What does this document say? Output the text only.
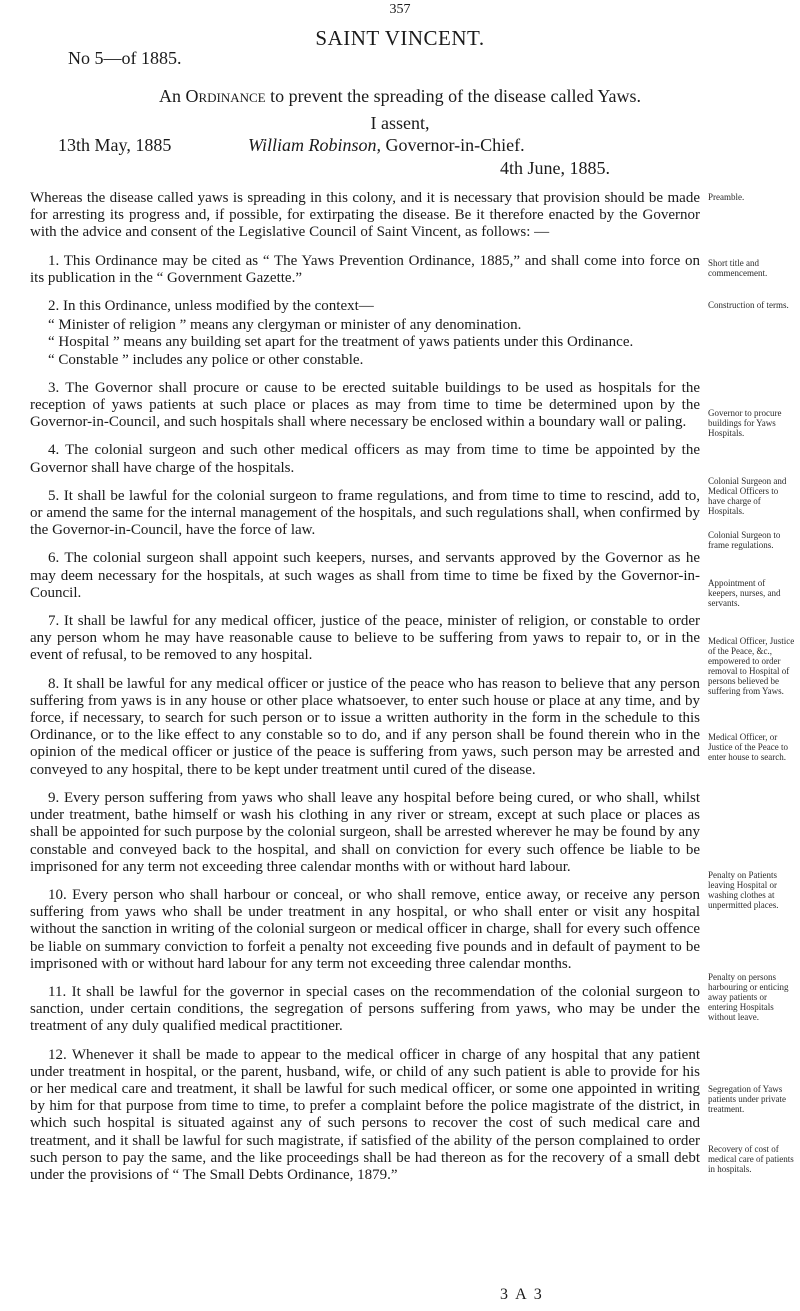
357
SAINT VINCENT.
No 5—of 1885.
An Ordinance to prevent the spreading of the disease called Yaws.
I assent,
13th May, 1885	William Robinson, Governor-in-Chief.
4th June, 1885.

Whereas the disease called yaws is spreading in this colony, and it is necessary that provision should be made for arresting its progress and, if possible, for extirpating the disease. Be it therefore enacted by the Governor with the advice and consent of the Legislative Council of Saint Vincent, as follows: —

1. This Ordinance may be cited as “ The Yaws Prevention Ordinance, 1885,” and shall come into force on its publication in the “ Government Gazette.”

2. In this Ordinance, unless modified by the context—

“ Minister of religion ” means any clergyman or minister of any denomination.

“ Hospital ” means any building set apart for the treatment of yaws patients under this Ordinance.

“ Constable ” includes any police or other constable.

3. The Governor shall procure or cause to be erected suitable buildings to be used as hospitals for the reception of yaws patients at such place or places as may from time to time be determined upon by the Governor-in-Council, and such hospitals shall where necessary be enclosed within a boundary wall or paling.

4. The colonial surgeon and such other medical officers as may from time to time be appointed by the Governor shall have charge of the hospitals.

5. It shall be lawful for the colonial surgeon to frame regulations, and from time to time to rescind, add to, or amend the same for the internal management of the hospitals, and such regulations shall, when confirmed by the Governor-in-Council, have the force of law.

6. The colonial surgeon shall appoint such keepers, nurses, and servants approved by the Governor as he may deem necessary for the hospitals, at such wages as shall from time to time be fixed by the Governor-in-Council.

7. It shall be lawful for any medical officer, justice of the peace, minister of religion, or constable to order any person whom he may have reasonable cause to believe to be suffering from yaws to repair to, or in the event of refusal, to be removed to any hospital.

8. It shall be lawful for any medical officer or justice of the peace who has reason to believe that any person suffering from yaws is in any house or other place whatsoever, to enter such house or place at any time, and by force, if necessary, to search for such person or to issue a written authority in the form in the schedule to this Ordinance, or to the like effect to any constable so to do, and if any person shall be found therein who in the opinion of the medical officer or justice of the peace is suffering from yaws, such person may be arrested and conveyed to any hospital, there to be kept under treatment until cured of the disease.

9. Every person suffering from yaws who shall leave any hospital before being cured, or who shall, whilst under treatment, bathe himself or wash his clothing in any river or stream, except at such place or places as shall be appointed for such purpose by the colonial surgeon, shall be arrested wherever he may be found by any constable and conveyed back to the hospital, and shall on conviction for every such offence be liable to be imprisoned for any term not exceeding three calendar months with or without hard labour.

10. Every person who shall harbour or conceal, or who shall remove, entice away, or receive any person suffering from yaws who shall be under treatment in any hospital, or who shall enter or visit any hospital without the sanction in writing of the colonial surgeon or medical officer in charge, shall for every such offence be liable on summary conviction to forfeit a penalty not exceeding five pounds and in default of payment to be imprisoned with or without hard labour for any term not exceeding three calendar months.

11. It shall be lawful for the governor in special cases on the recommendation of the colonial surgeon to sanction, under certain conditions, the segregation of persons suffering from yaws, who may be under the treatment of any duly qualified medical practitioner.

12. Whenever it shall be made to appear to the medical officer in charge of any hospital that any patient under treatment in hospital, or the parent, husband, wife, or child of any such patient is able to provide for his or her medical care and treatment, it shall be lawful for such medical officer, or some one appointed in writing by him for that purpose from time to time, to prefer a complaint before the police magistrate of the district, in which such hospital is situated against any of such persons to recover the cost of such medical care and treatment, and it shall be lawful for such magistrate, if satisfied of the ability of the person complained to order such person to pay the same, and the like proceedings shall be had thereon as for the recovery of a small debt under the provisions of “ The Small Debts Ordinance, 1879.”

Preamble.
Short title and commencement.
Construction of terms.
Governor to procure buildings for Yaws Hospitals.
Colonial Surgeon and Medical Officers to have charge of Hospitals.
Colonial Surgeon to frame regulations.
Appointment of keepers, nurses, and servants.
Medical Officer, Justice of the Peace, &c., empowered to order removal to Hospital of persons believed be suffering from Yaws.
Medical Officer, or Justice of the Peace to enter house to search.
Penalty on Patients leaving Hospital or washing clothes at unpermitted places.
Penalty on persons harbouring or enticing away patients or entering Hospitals without leave.
Segregation of Yaws patients under private treatment.
Recovery of cost of medical care of patients in hospitals.
3 A 3
